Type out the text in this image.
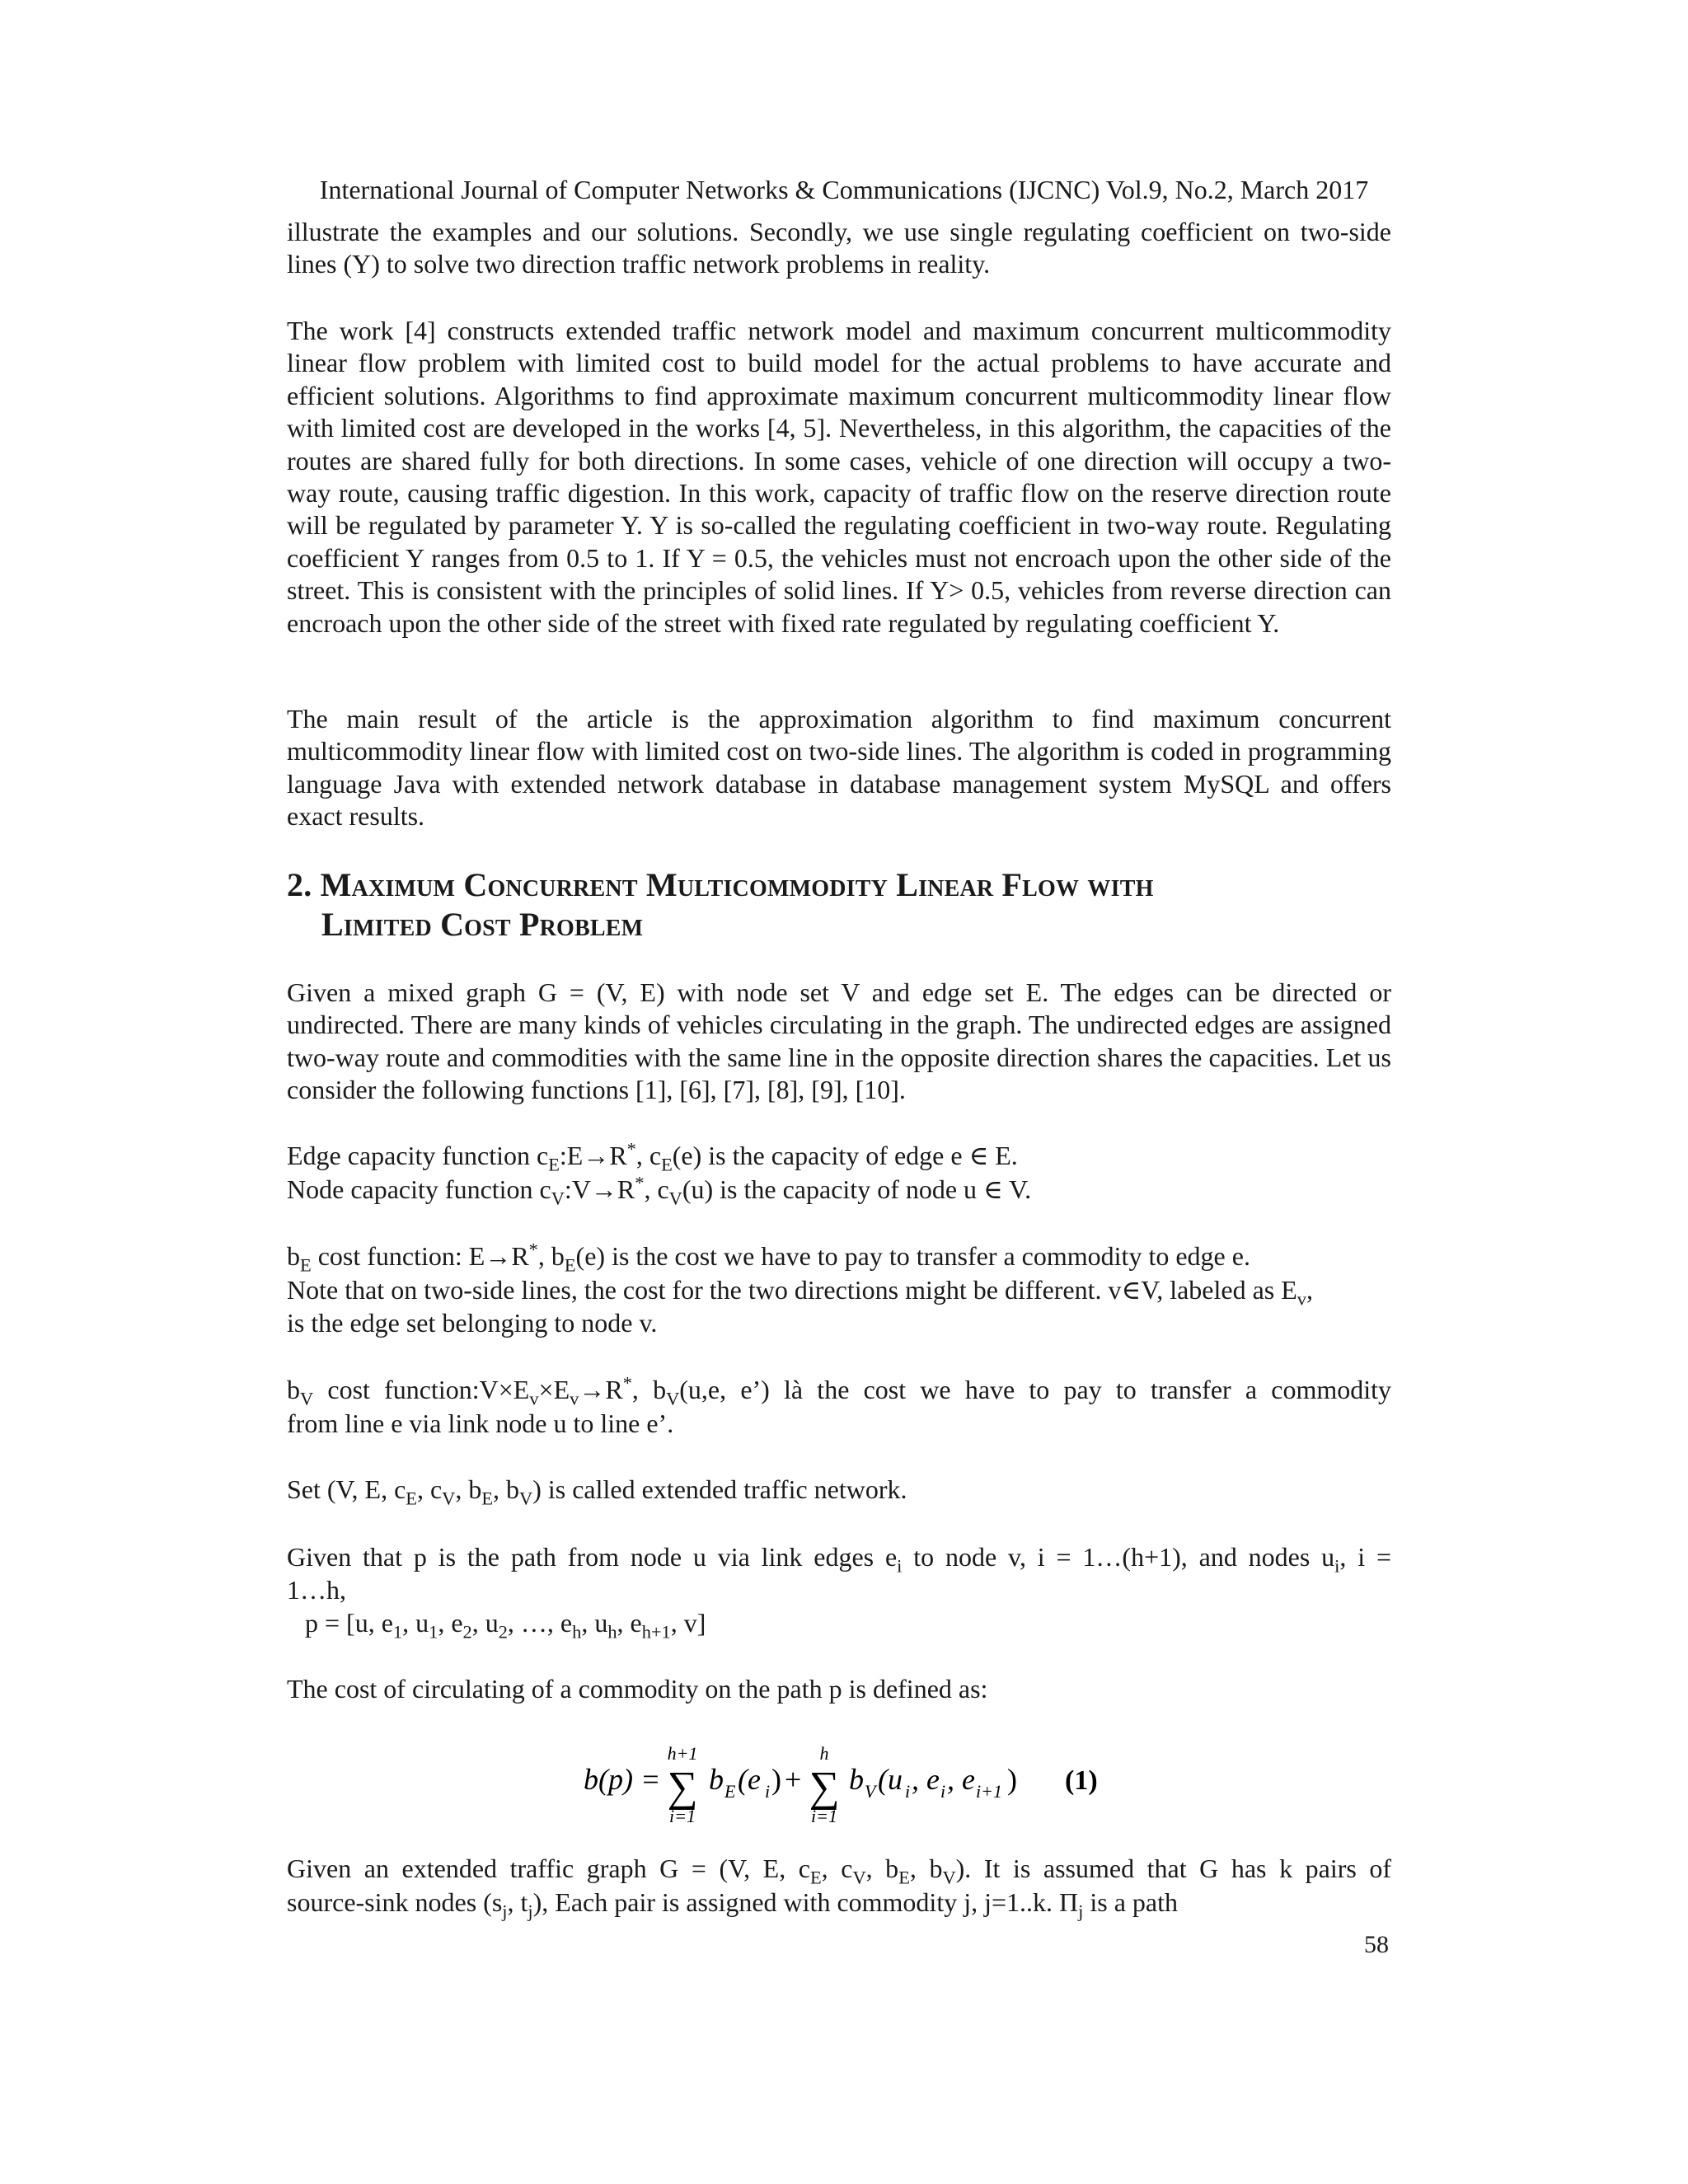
International Journal of Computer Networks & Communications (IJCNC) Vol.9, No.2, March 2017

illustrate the examples and our solutions. Secondly, we use single regulating coefficient on two-side lines (Y) to solve two direction traffic network problems in reality.

The work [4] constructs extended traffic network model and maximum concurrent multicommodity linear flow problem with limited cost to build model for the actual problems to have accurate and efficient solutions. Algorithms to find approximate maximum concurrent multicommodity linear flow with limited cost are developed in the works [4, 5]. Nevertheless, in this algorithm, the capacities of the routes are shared fully for both directions. In some cases, vehicle of one direction will occupy a two-way route, causing traffic digestion. In this work, capacity of traffic flow on the reserve direction route will be regulated by parameter Y. Y is so-called the regulating coefficient in two-way route. Regulating coefficient Y ranges from 0.5 to 1. If Y = 0.5, the vehicles must not encroach upon the other side of the street. This is consistent with the principles of solid lines. If Y> 0.5, vehicles from reverse direction can encroach upon the other side of the street with fixed rate regulated by regulating coefficient Y.

The main result of the article is the approximation algorithm to find maximum concurrent multicommodity linear flow with limited cost on two-side lines. The algorithm is coded in programming language Java with extended network database in database management system MySQL and offers exact results.

2. Maximum Concurrent Multicommodity Linear Flow with
Limited Cost Problem

Given a mixed graph G = (V, E) with node set V and edge set E. The edges can be directed or undirected. There are many kinds of vehicles circulating in the graph. The undirected edges are assigned two-way route and commodities with the same line in the opposite direction shares the capacities. Let us consider the following functions [1], [6], [7], [8], [9], [10].

Edge capacity function $c_E:E\to R^*$, $c_E(e)$ is the capacity of edge e ∈ E.
Node capacity function $c_V:V\to R^*$, $c_V(u)$ is the capacity of node u ∈ V.
$b_E$ cost function: E→R*, $b_E(e)$ is the cost we have to pay to transfer a commodity to edge e.
Note that on two-side lines, the cost for the two directions might be different. v∈V, labeled as $E_v$,
is the edge set belonging to node v.
$b_V$ cost $function:V\times E_v\times E_v\to R^*$, $b_V(u,e$, e’) là the cost we have to pay to transfer a commodity
from line e via link node u to line e’.
Set (V, E, $c_E$, $c_V$, $b_E$, $b_V$) is called extended traffic network.
Given that p is the path from node u via link edges $e_i$ to node v, i = 1…(h+1), and nodes $u_i$, i =
1…h,
p = [u, $e_1$, $u_1$, $e_2$, $u_2$, …, $e_h$, $u_h$, $e_{h+1}$, v]
The cost of circulating of a commodity on the path p is defined as:
b(p) =
h+1
∑
i=1
b E (e i ) +
h
∑
i=1
b V (u i , e i , e i+1 ) (1)
Given an extended traffic graph G = (V, E, $c_E$, $c_V$, $b_E$, $b_V$). It is assumed that G has k pairs of
source-sink nodes ($s_j$, $t_j$), Each pair is assigned with commodity j, j=1..k. $\Pi_j$ is a path
58
